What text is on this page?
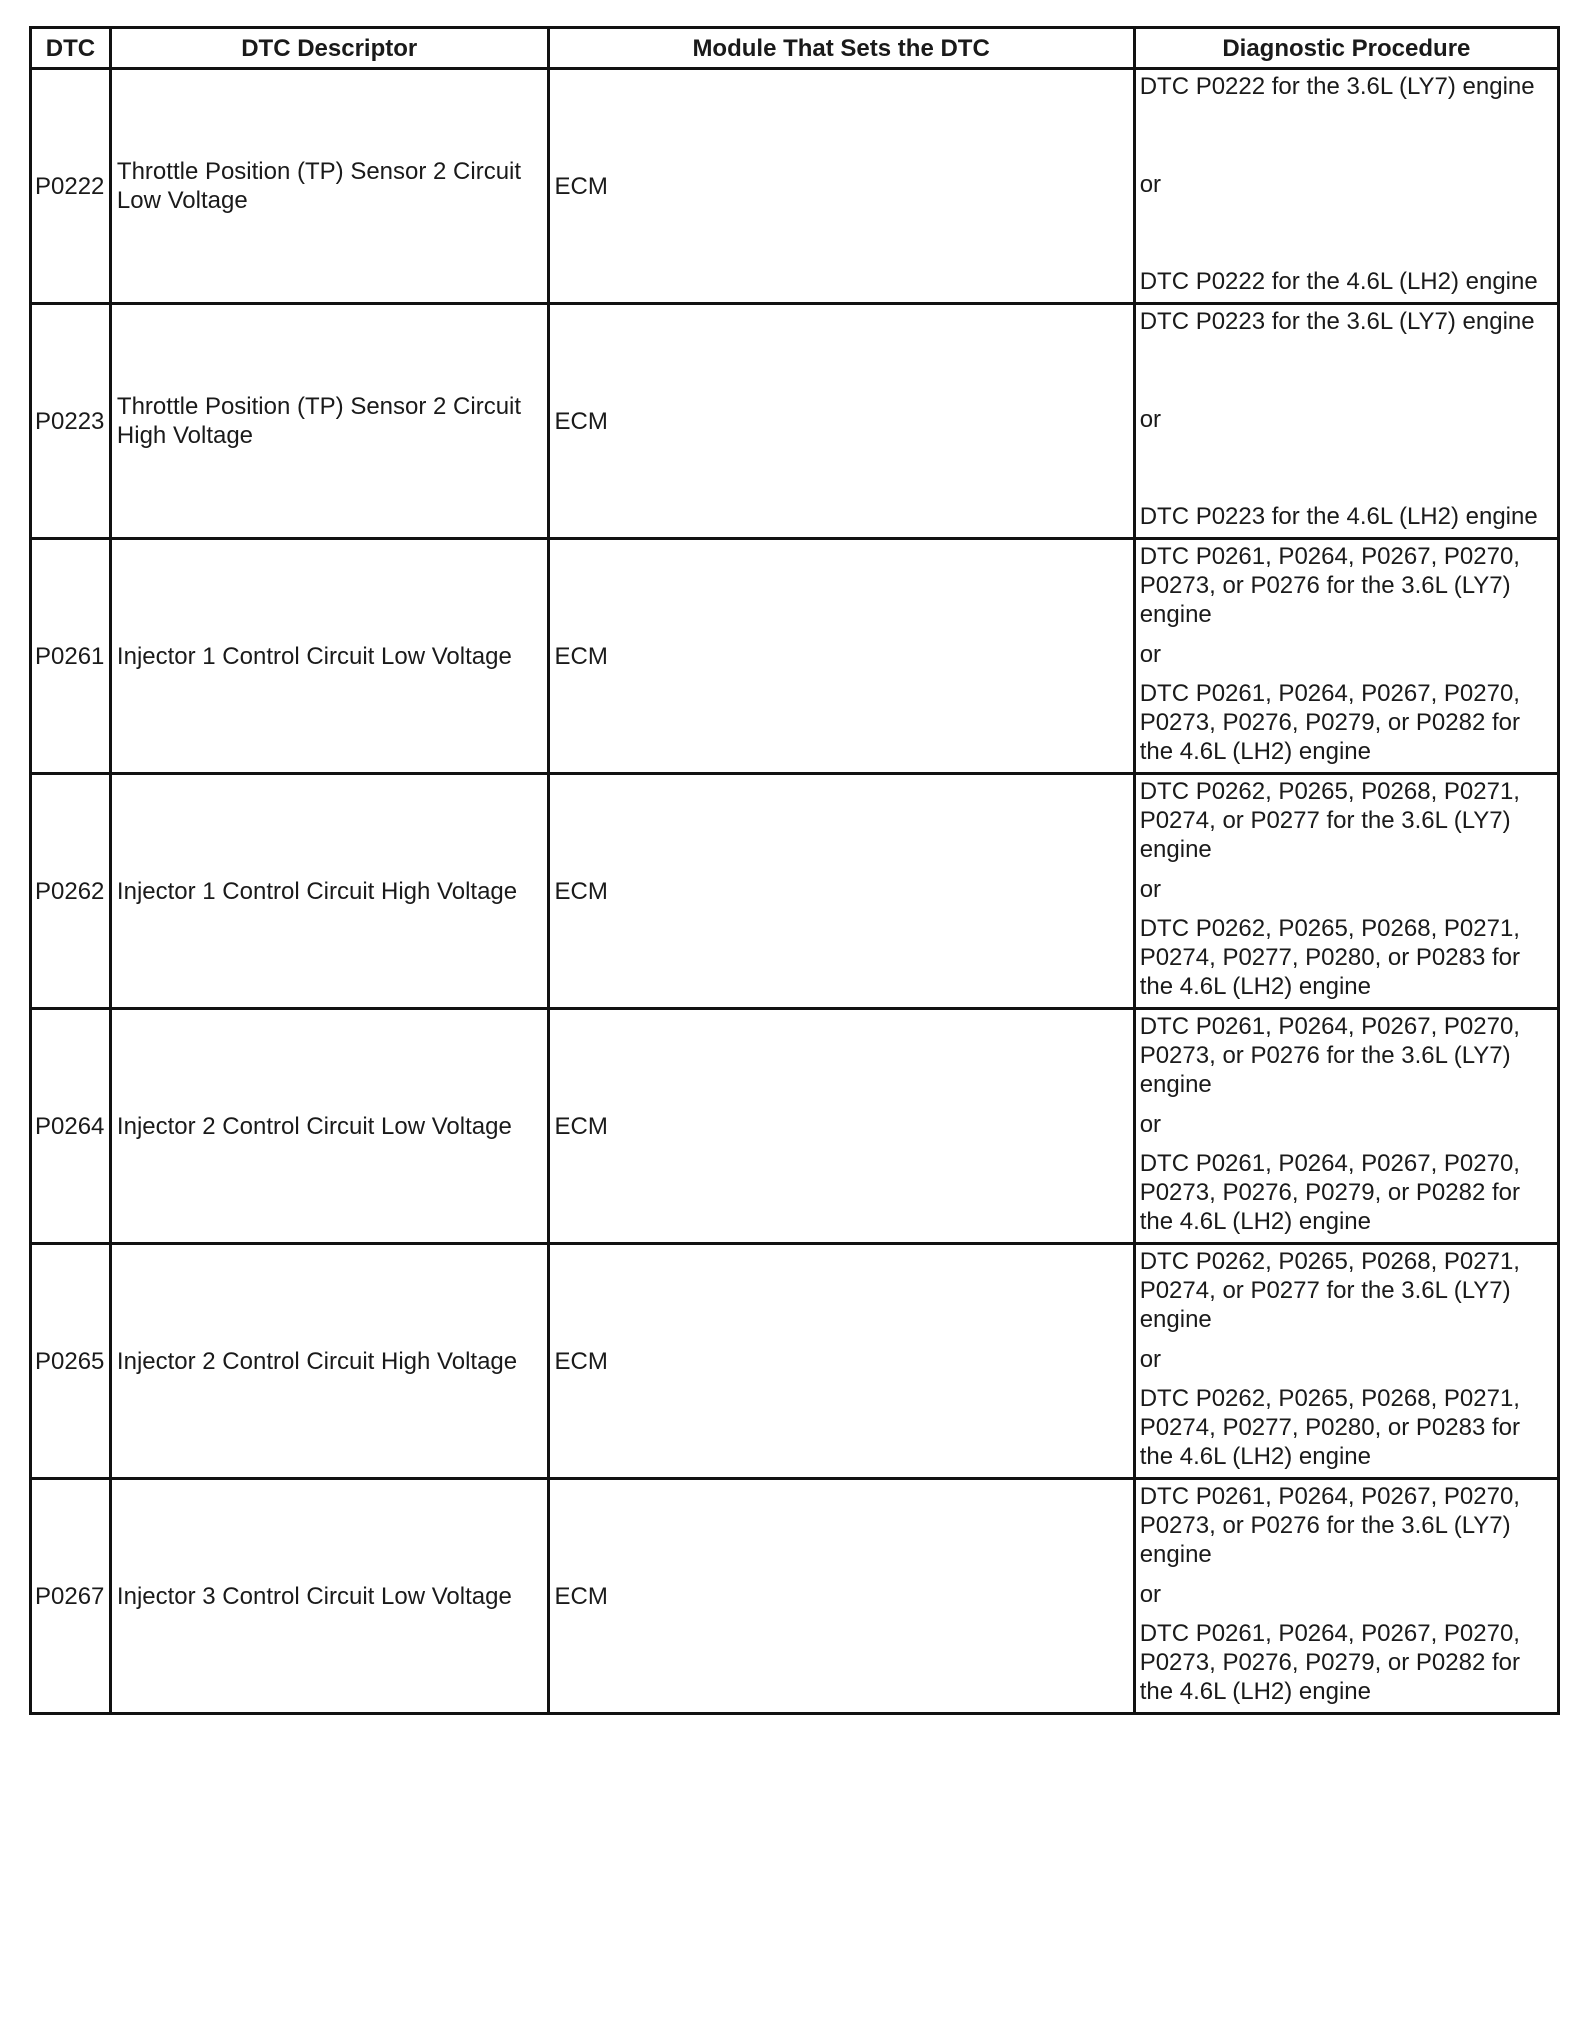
DTC	DTC Descriptor	Module That Sets the DTC	Diagnostic Procedure
P0222	Throttle Position (TP) Sensor 2 Circuit Low Voltage	ECM	DTC P0222 for the 3.6L (LY7) engine
or
DTC P0222 for the 4.6L (LH2) engine

P0223	Throttle Position (TP) Sensor 2 Circuit High Voltage	ECM	DTC P0223 for the 3.6L (LY7) engine
or
DTC P0223 for the 4.6L (LH2) engine

P0261	Injector 1 Control Circuit Low Voltage	ECM	DTC P0261, P0264, P0267, P0270, P0273, or P0276 for the 3.6L (LY7) engine
or
DTC P0261, P0264, P0267, P0270, P0273, P0276, P0279, or P0282 for the 4.6L (LH2) engine

P0262	Injector 1 Control Circuit High Voltage	ECM	DTC P0262, P0265, P0268, P0271, P0274, or P0277 for the 3.6L (LY7) engine
or
DTC P0262, P0265, P0268, P0271, P0274, P0277, P0280, or P0283 for the 4.6L (LH2) engine

P0264	Injector 2 Control Circuit Low Voltage	ECM	DTC P0261, P0264, P0267, P0270, P0273, or P0276 for the 3.6L (LY7) engine
or
DTC P0261, P0264, P0267, P0270, P0273, P0276, P0279, or P0282 for the 4.6L (LH2) engine

P0265	Injector 2 Control Circuit High Voltage	ECM	DTC P0262, P0265, P0268, P0271, P0274, or P0277 for the 3.6L (LY7) engine
or
DTC P0262, P0265, P0268, P0271, P0274, P0277, P0280, or P0283 for the 4.6L (LH2) engine

P0267	Injector 3 Control Circuit Low Voltage	ECM	DTC P0261, P0264, P0267, P0270, P0273, or P0276 for the 3.6L (LY7) engine
or
DTC P0261, P0264, P0267, P0270, P0273, P0276, P0279, or P0282 for the 4.6L (LH2) engine
